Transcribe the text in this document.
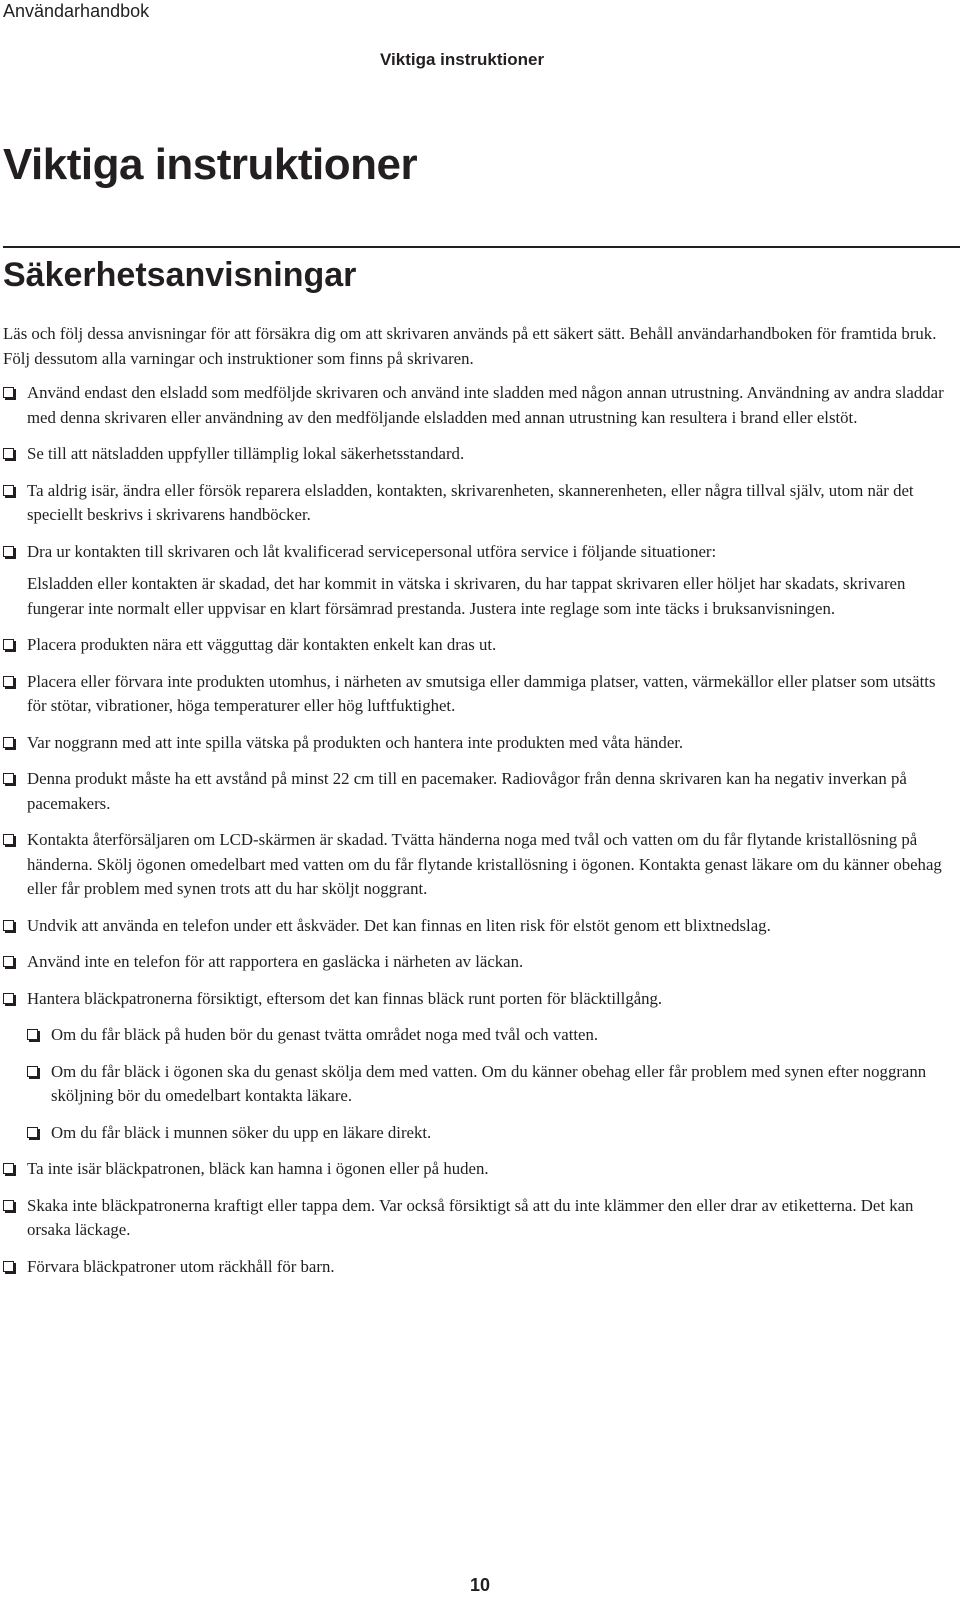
Användarhandbok
Viktiga instruktioner
Viktiga instruktioner
Säkerhetsanvisningar

Läs och följ dessa anvisningar för att försäkra dig om att skrivaren används på ett säkert sätt. Behåll användarhandboken för framtida bruk. Följ dessutom alla varningar och instruktioner som finns på skrivaren.

Använd endast den elsladd som medföljde skrivaren och använd inte sladden med någon annan utrustning. Användning av andra sladdar med denna skrivaren eller användning av den medföljande elsladden med annan utrustning kan resultera i brand eller elstöt.
Se till att nätsladden uppfyller tillämplig lokal säkerhetsstandard.
Ta aldrig isär, ändra eller försök reparera elsladden, kontakten, skrivarenheten, skannerenheten, eller några tillval själv, utom när det speciellt beskrivs i skrivarens handböcker.
Dra ur kontakten till skrivaren och låt kvalificerad servicepersonal utföra service i följande situationer:

Elsladden eller kontakten är skadad, det har kommit in vätska i skrivaren, du har tappat skrivaren eller höljet har skadats, skrivaren fungerar inte normalt eller uppvisar en klart försämrad prestanda. Justera inte reglage som inte täcks i bruksanvisningen.

Placera produkten nära ett vägguttag där kontakten enkelt kan dras ut.
Placera eller förvara inte produkten utomhus, i närheten av smutsiga eller dammiga platser, vatten, värmekällor eller platser som utsätts för stötar, vibrationer, höga temperaturer eller hög luftfuktighet.
Var noggrann med att inte spilla vätska på produkten och hantera inte produkten med våta händer.
Denna produkt måste ha ett avstånd på minst 22 cm till en pacemaker. Radiovågor från denna skrivaren kan ha negativ inverkan på pacemakers.
Kontakta återförsäljaren om LCD-skärmen är skadad. Tvätta händerna noga med tvål och vatten om du får flytande kristallösning på händerna. Skölj ögonen omedelbart med vatten om du får flytande kristallösning i ögonen. Kontakta genast läkare om du känner obehag eller får problem med synen trots att du har sköljt noggrant.
Undvik att använda en telefon under ett åskväder. Det kan finnas en liten risk för elstöt genom ett blixtnedslag.
Använd inte en telefon för att rapportera en gasläcka i närheten av läckan.
Hantera bläckpatronerna försiktigt, eftersom det kan finnas bläck runt porten för bläcktillgång.
Om du får bläck på huden bör du genast tvätta området noga med tvål och vatten.
Om du får bläck i ögonen ska du genast skölja dem med vatten. Om du känner obehag eller får problem med synen efter noggrann sköljning bör du omedelbart kontakta läkare.
Om du får bläck i munnen söker du upp en läkare direkt.
Ta inte isär bläckpatronen, bläck kan hamna i ögonen eller på huden.
Skaka inte bläckpatronerna kraftigt eller tappa dem. Var också försiktigt så att du inte klämmer den eller drar av etiketterna. Det kan orsaka läckage.
Förvara bläckpatroner utom räckhåll för barn.
10
